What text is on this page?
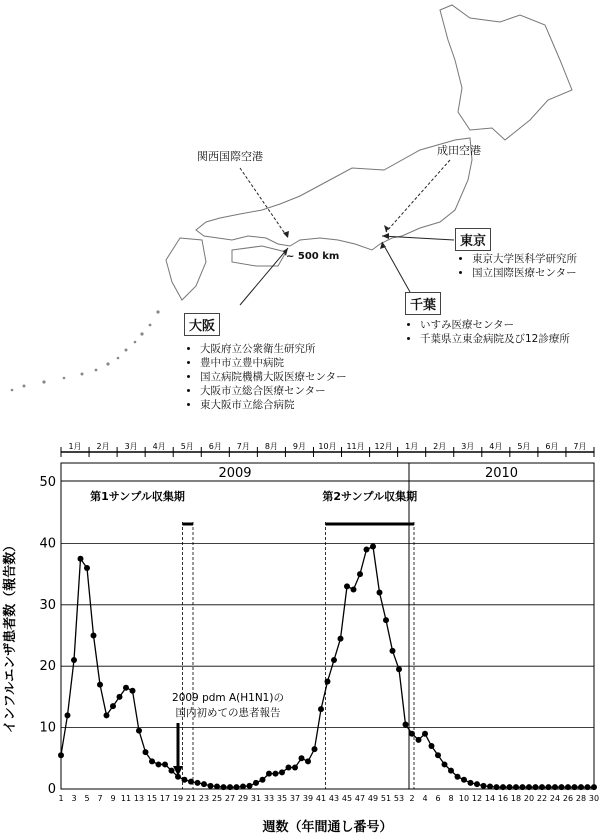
関西国際空港	成田空港
~ 500 km
東京
• 東京大学医科学研究所
• 国立国際医療センター
千葉
• いすみ医療センター
• 千葉県立東金病院及び12診療所
大阪
• 大阪府立公衆衛生研究所
• 豊中市立豊中病院
• 国立病院機構大阪医療センター
• 大阪市立総合医療センター
• 東大阪市立総合病院
1月 2月 3月 4月 5月 6月 7月 8月 9月 10月 11月 12月 1月 2月 3月 4月 5月 6月 7月
2009	2010
0
10
20
30
40
50
1 3 5 7 9 11 13 15 17 19 21 23 25 27 29 31 33 35 37 39 41 43 45 47 49 51 53 2 4 6 8 10 12 14 16 18 20 22 24 26 28 30
第1サンプル収集期	第2サンプル収集期
2009 pdm A(H1N1)の
国内初めての患者報告
インフルエンザ患者数（報告数）
週数（年間通し番号）
